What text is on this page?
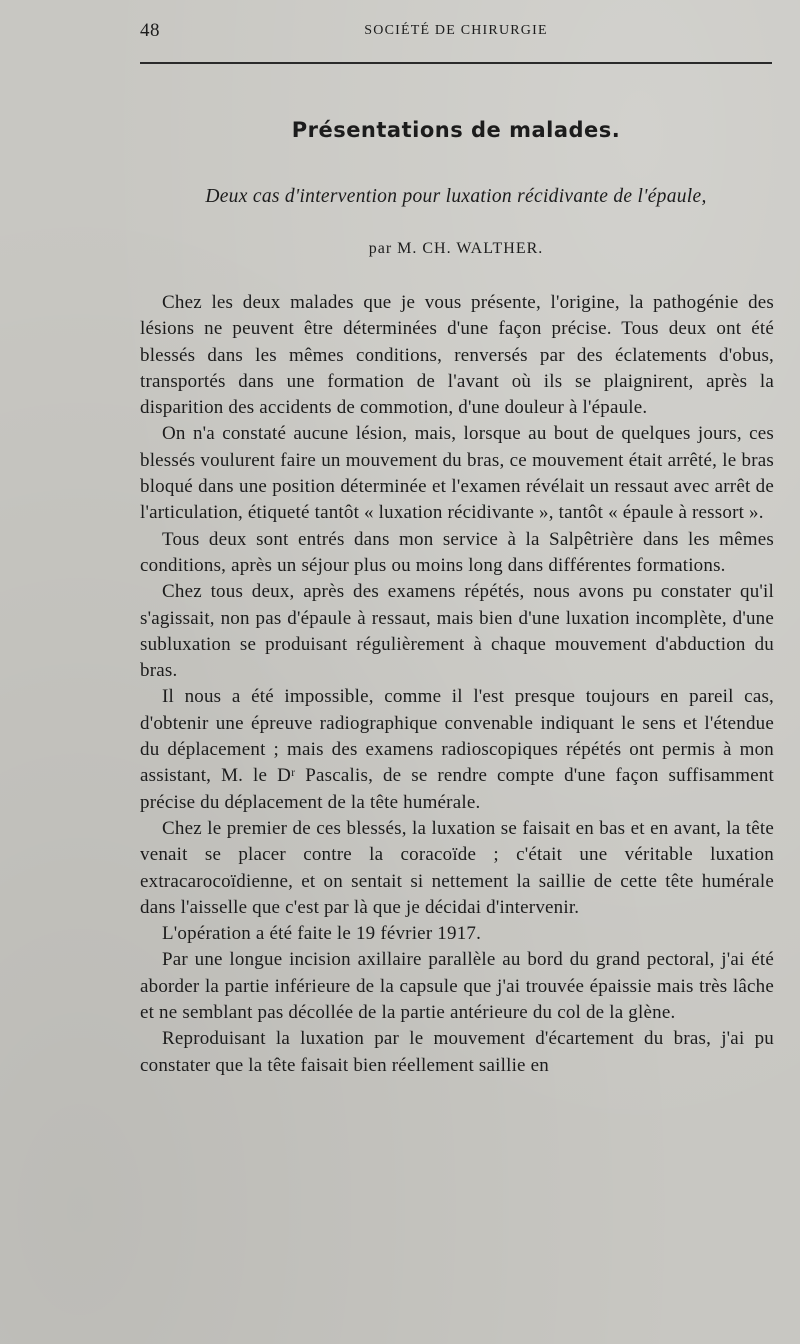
48	SOCIÉTÉ DE CHIRURGIE
Présentations de malades.
Deux cas d'intervention pour luxation récidivante de l'épaule,
par M. CH. WALTHER.

Chez les deux malades que je vous présente, l'origine, la pathogénie des lésions ne peuvent être déterminées d'une façon précise. Tous deux ont été blessés dans les mêmes conditions, renversés par des éclatements d'obus, transportés dans une formation de l'avant où ils se plaignirent, après la disparition des accidents de commotion, d'une douleur à l'épaule.

On n'a constaté aucune lésion, mais, lorsque au bout de quelques jours, ces blessés voulurent faire un mouvement du bras, ce mouvement était arrêté, le bras bloqué dans une position déterminée et l'examen révélait un ressaut avec arrêt de l'articulation, étiqueté tantôt « luxation récidivante », tantôt « épaule à ressort ».

Tous deux sont entrés dans mon service à la Salpêtrière dans les mêmes conditions, après un séjour plus ou moins long dans différentes formations.

Chez tous deux, après des examens répétés, nous avons pu constater qu'il s'agissait, non pas d'épaule à ressaut, mais bien d'une luxation incomplète, d'une subluxation se produisant régulièrement à chaque mouvement d'abduction du bras.

Il nous a été impossible, comme il l'est presque toujours en pareil cas, d'obtenir une épreuve radiographique convenable indiquant le sens et l'étendue du déplacement ; mais des examens radioscopiques répétés ont permis à mon assistant, M. le Dʳ Pascalis, de se rendre compte d'une façon suffisamment précise du déplacement de la tête humérale.

Chez le premier de ces blessés, la luxation se faisait en bas et en avant, la tête venait se placer contre la coracoïde ; c'était une véritable luxation extracarocoïdienne, et on sentait si nettement la saillie de cette tête humérale dans l'aisselle que c'est par là que je décidai d'intervenir.

L'opération a été faite le 19 février 1917.

Par une longue incision axillaire parallèle au bord du grand pectoral, j'ai été aborder la partie inférieure de la capsule que j'ai trouvée épaissie mais très lâche et ne semblant pas décollée de la partie antérieure du col de la glène.

Reproduisant la luxation par le mouvement d'écartement du bras, j'ai pu constater que la tête faisait bien réellement saillie en
